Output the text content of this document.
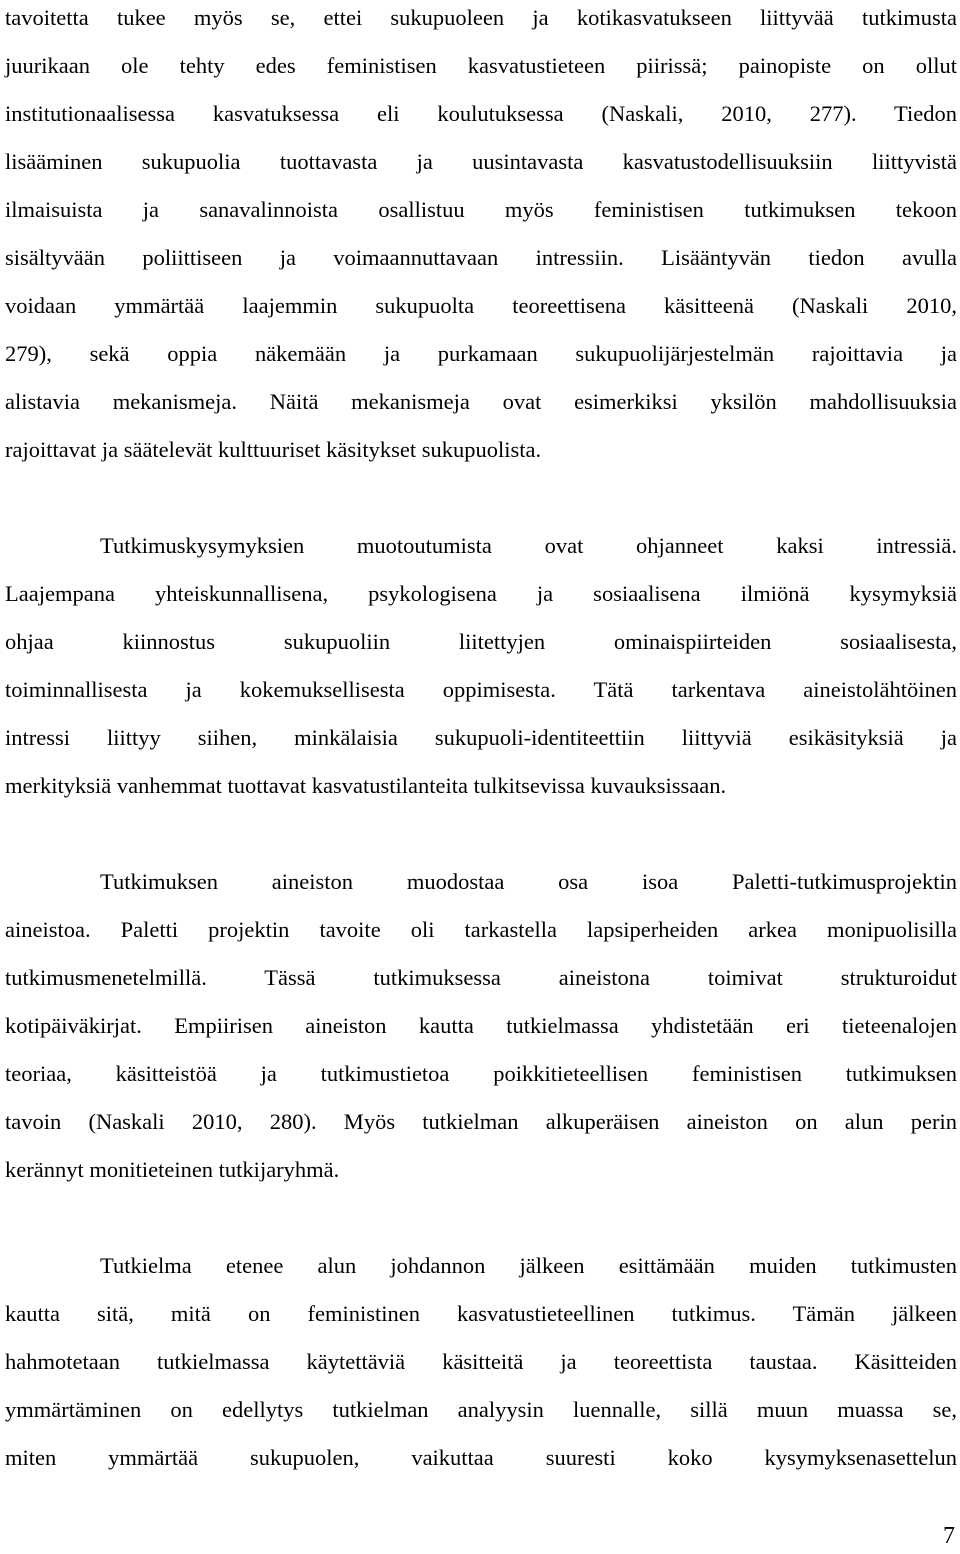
tavoitetta tukee myös se, ettei sukupuoleen ja kotikasvatukseen liittyvää tutkimusta
juurikaan ole tehty edes feministisen kasvatustieteen piirissä; painopiste on ollut
institutionaalisessa kasvatuksessa eli koulutuksessa (Naskali, 2010, 277). Tiedon
lisääminen sukupuolia tuottavasta ja uusintavasta kasvatustodellisuuksiin liittyvistä
ilmaisuista ja sanavalinnoista osallistuu myös feministisen tutkimuksen tekoon
sisältyvään poliittiseen ja voimaannuttavaan intressiin. Lisääntyvän tiedon avulla
voidaan ymmärtää laajemmin sukupuolta teoreettisena käsitteenä (Naskali 2010,
279), sekä oppia näkemään ja purkamaan sukupuolijärjestelmän rajoittavia ja
alistavia mekanismeja. Näitä mekanismeja ovat esimerkiksi yksilön mahdollisuuksia
rajoittavat ja säätelevät kulttuuriset käsitykset sukupuolista.
Tutkimuskysymyksien muotoutumista ovat ohjanneet kaksi intressiä.
Laajempana yhteiskunnallisena, psykologisena ja sosiaalisena ilmiönä kysymyksiä
ohjaa kiinnostus sukupuoliin liitettyjen ominaispiirteiden sosiaalisesta,
toiminnallisesta ja kokemuksellisesta oppimisesta. Tätä tarkentava aineistolähtöinen
intressi liittyy siihen, minkälaisia sukupuoli-identiteettiin liittyviä esikäsityksiä ja
merkityksiä vanhemmat tuottavat kasvatustilanteita tulkitsevissa kuvauksissaan.
Tutkimuksen aineiston muodostaa osa isoa Paletti-tutkimusprojektin
aineistoa. Paletti projektin tavoite oli tarkastella lapsiperheiden arkea monipuolisilla
tutkimusmenetelmillä. Tässä tutkimuksessa aineistona toimivat strukturoidut
kotipäiväkirjat. Empiirisen aineiston kautta tutkielmassa yhdistetään eri tieteenalojen
teoriaa, käsitteistöä ja tutkimustietoa poikkitieteellisen feministisen tutkimuksen
tavoin (Naskali 2010, 280). Myös tutkielman alkuperäisen aineiston on alun perin
kerännyt monitieteinen tutkijaryhmä.
Tutkielma etenee alun johdannon jälkeen esittämään muiden tutkimusten
kautta sitä, mitä on feministinen kasvatustieteellinen tutkimus. Tämän jälkeen
hahmotetaan tutkielmassa käytettäviä käsitteitä ja teoreettista taustaa. Käsitteiden
ymmärtäminen on edellytys tutkielman analyysin luennalle, sillä muun muassa se,
miten ymmärtää sukupuolen, vaikuttaa suuresti koko kysymyksenasettelun
7
